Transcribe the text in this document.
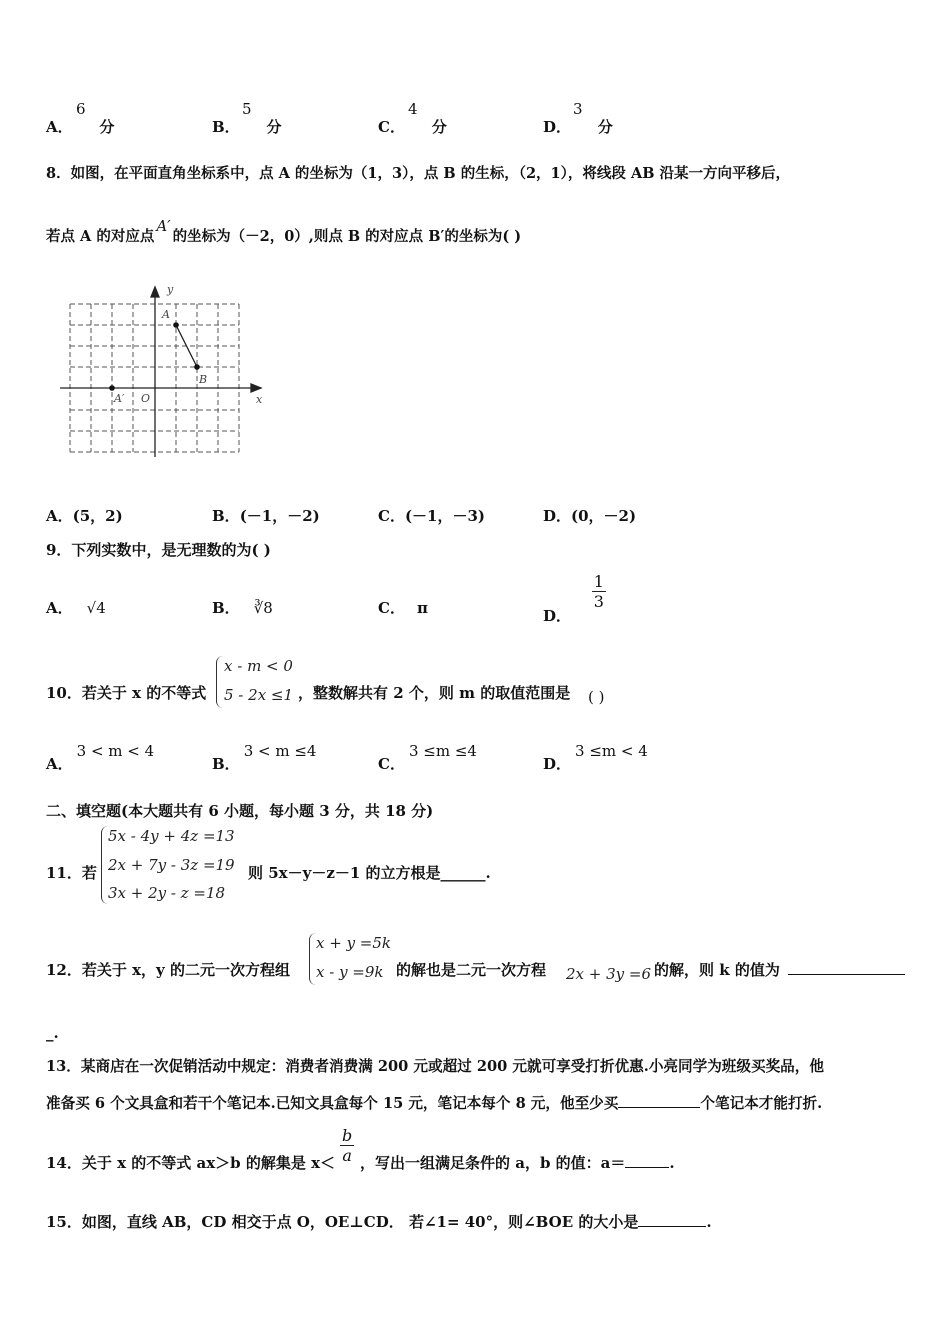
A．
6
分	B．
5
分	C．
4
分	D．
3
分
8．如图，在平面直角坐标系中，点 A 的坐标为（1，3），点 B 的生标，（2，1），将线段 AB 沿某一方向平移后，
若点 A 的对应点A′的坐标为（－2，0）,则点 B 的对应点 B′的坐标为( )
y
x
A
B
A′ O
A．(5，2)	B．(－1，－2)	C．(－1，－3)	D．(0，－2)
9．下列实数中，是无理数的为( )
A． √4	B． ∛8	C． π	D．
$\frac{1}{3}$
10．若关于 x 的不等式
x - m < 0
5 - 2x ≤1 ，整数解共有 2 个，则 m 的取值范围是 ( )
A．3 < m < 4
B．3 < m ≤4
C．3 ≤m ≤4
D．3 ≤m < 4
二、填空题(本大题共有 6 小题，每小题 3 分，共 18 分)
11．若
5x - 4y + 4z =13
2x + 7y - 3z =19
3x + 2y - z =18
则 5x－y－z－1 的立方根是______.
12．若关于 x，y 的二元一次方程组
x + y =5k
x - y =9k 的解也是二元一次方程 2x + 3y =6 的解，则 k 的值为
_.
13．某商店在一次促销活动中规定：消费者消费满 200 元或超过 200 元就可享受打折优惠.小亮同学为班级买奖品，他
准备买 6 个文具盒和若干个笔记本.已知文具盒每个 15 元，笔记本每个 8 元，他至少买	个笔记本才能打折.
14．关于 x 的不等式 ax＞b 的解集是 $x< \frac{b}{a}$ ，写出一组满足条件的 a，b 的值：a＝	.
15．如图，直线 AB，CD 相交于点 O，OE⊥CD． 若∠1= 40°，则∠BOE 的大小是	.
